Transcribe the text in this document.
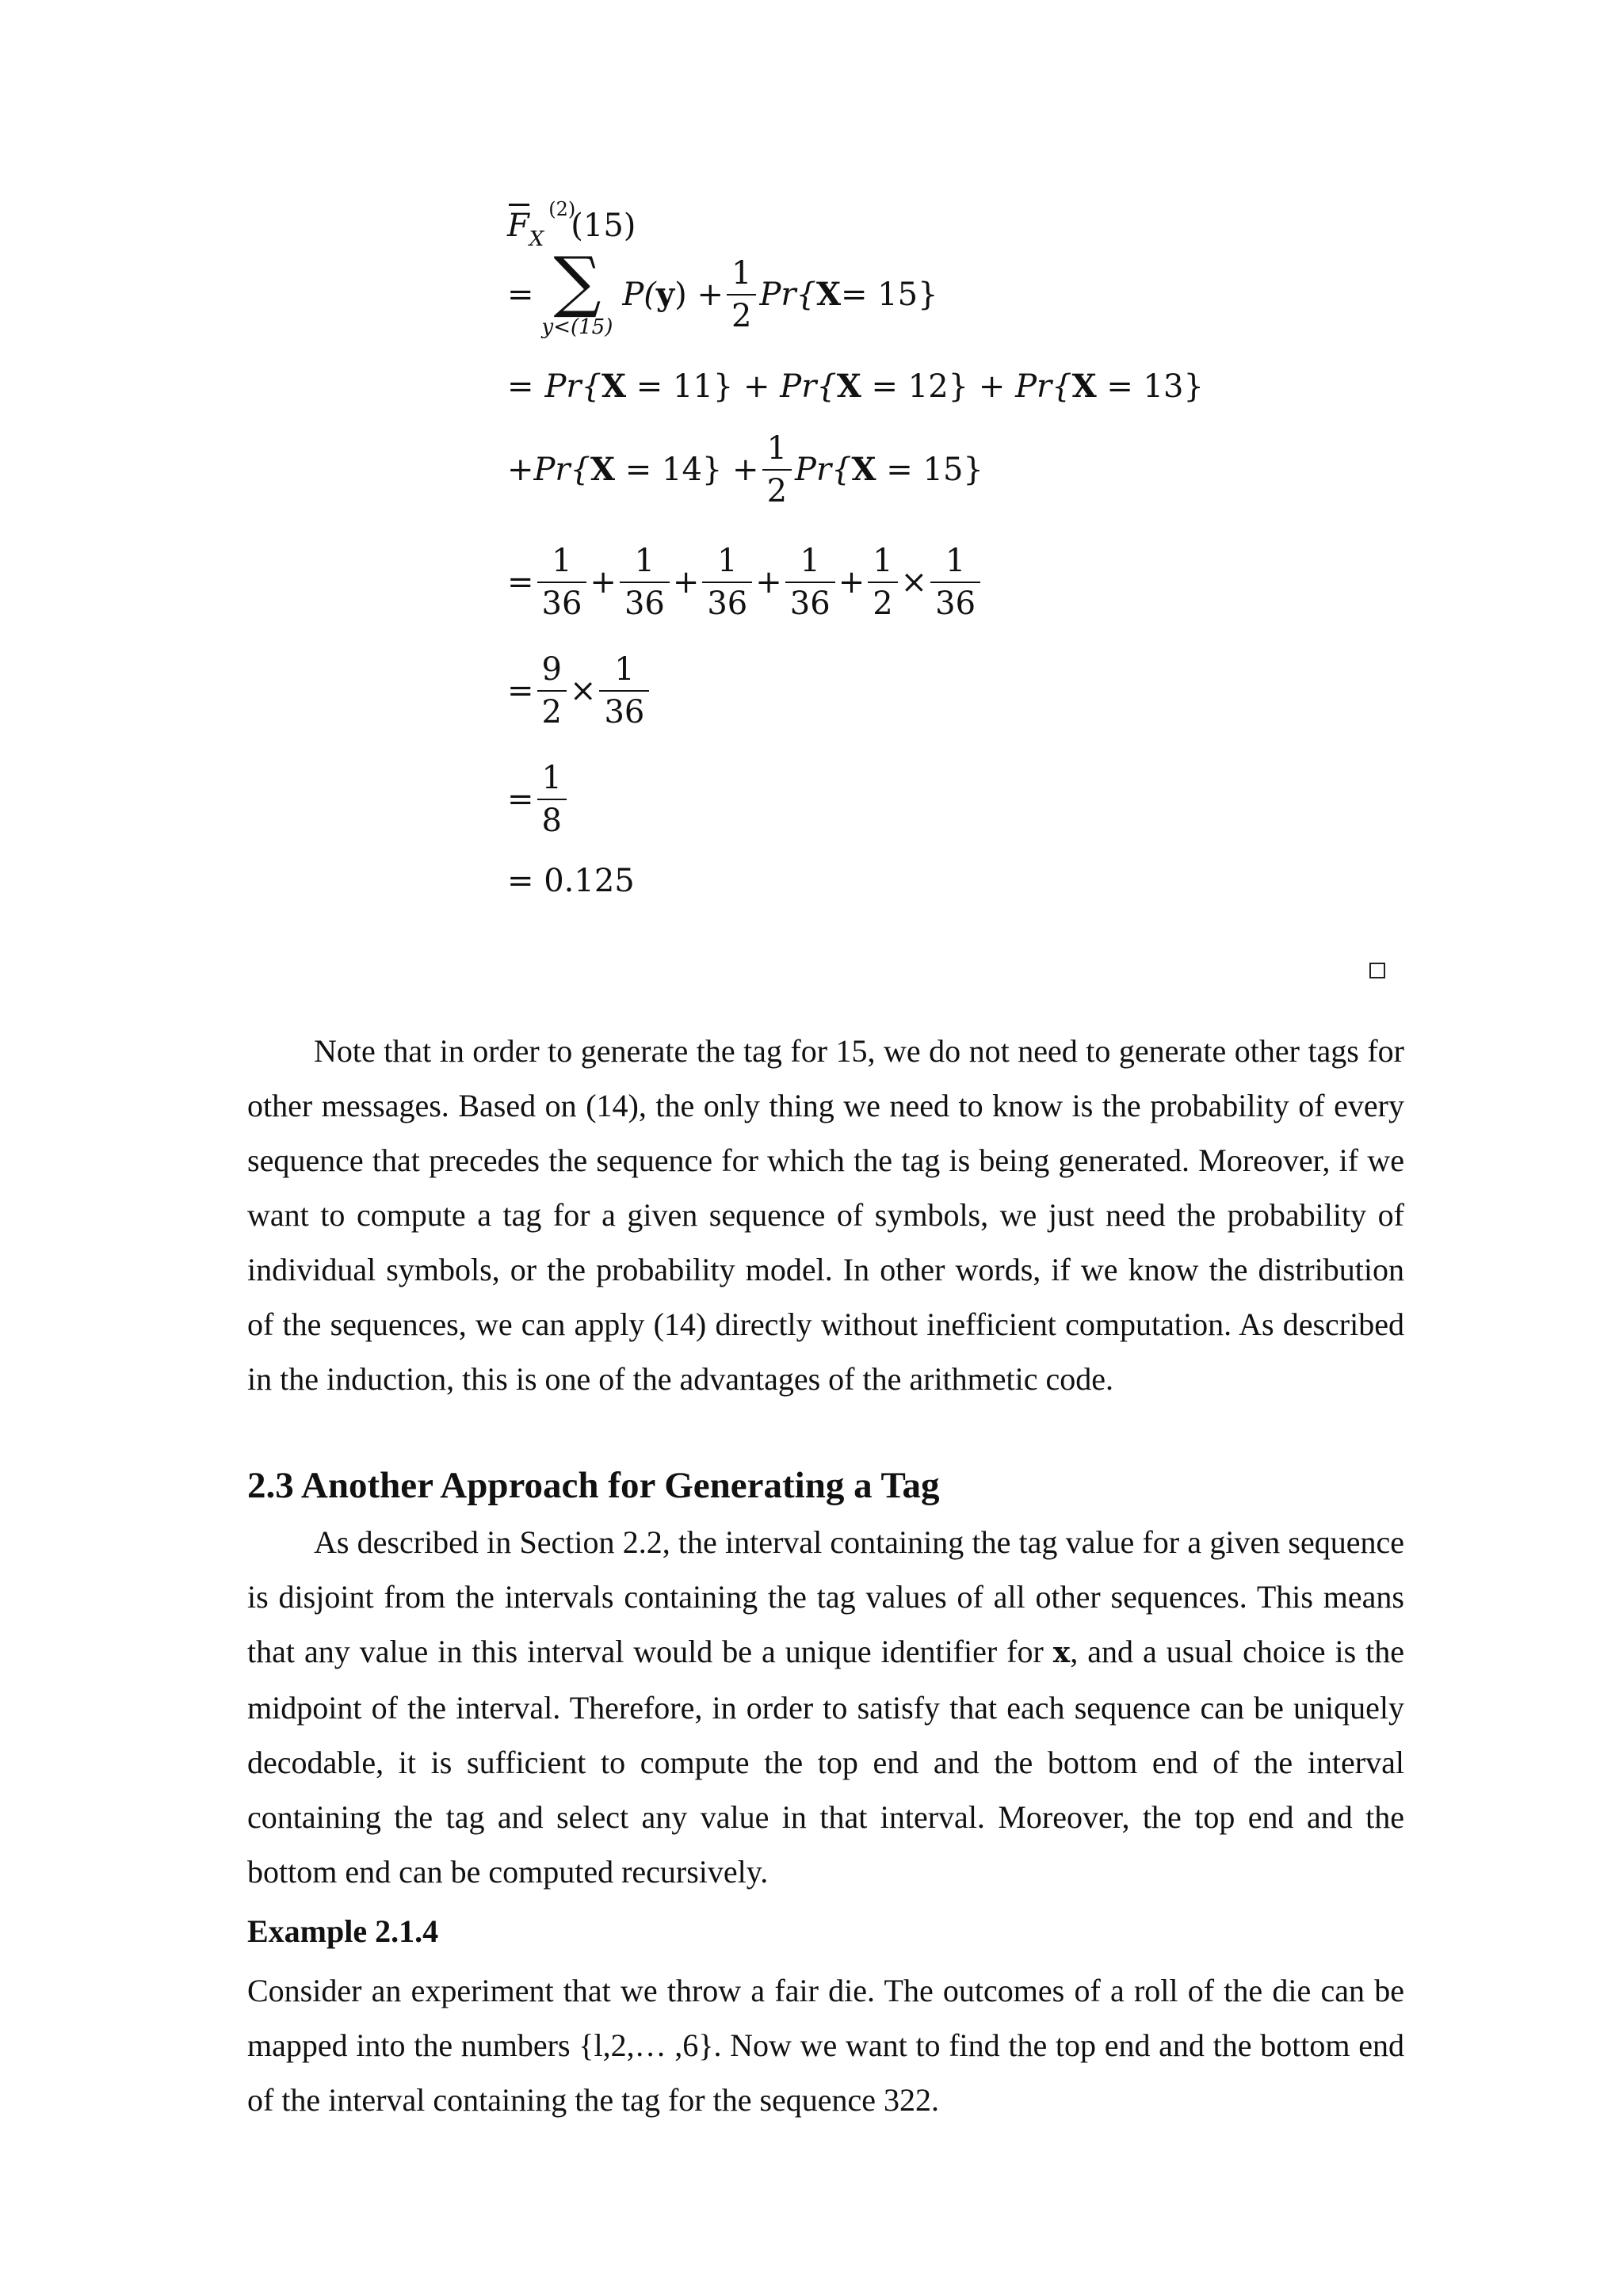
$F_X^{(2)}$
(15)
= ∑
y<(15)
P( y ) + $\frac{1}{2} Pr${ X = 15}
= Pr{ X = 11} + Pr{ X = 12} + Pr{ X = 13}
+ Pr{ $X = 14\} + \frac{1}{2} Pr${ X = 15}
= $\frac{1}{36} + \frac{1}{36} + \frac{1}{36} + \frac{1}{36} + \frac{1}{2} \times \frac{1}{36}$
= $\frac{9}{2} \times \frac{1}{36}$
= $\frac{1}{8}$
= 0.125
Note that in order to generate the tag for 15, we do not need to generate other tags for other messages. Based on (14), the only thing we need to know is the probability of every sequence that precedes the sequence for which the tag is being generated. Moreover, if we want to compute a tag for a given sequence of symbols, we just need the probability of individual symbols, or the probability model. In other words, if we know the distribution of the sequences, we can apply (14) directly without inefficient computation. As described in the induction, this is one of the advantages of the arithmetic code.
2.3 Another Approach for Generating a Tag
As described in Section 2.2, the interval containing the tag value for a given sequence is disjoint from the intervals containing the tag values of all other sequences. This means that any value in this interval would be a unique identifier for x, and a usual choice is the midpoint of the interval. Therefore, in order to satisfy that each sequence can be uniquely decodable, it is sufficient to compute the top end and the bottom end of the interval containing the tag and select any value in that interval. Moreover, the top end and the bottom end can be computed recursively.
Example 2.1.4
Consider an experiment that we throw a fair die. The outcomes of a roll of the die can be mapped into the numbers {l,2,… ,6}. Now we want to find the top end and the bottom end of the interval containing the tag for the sequence 322.
